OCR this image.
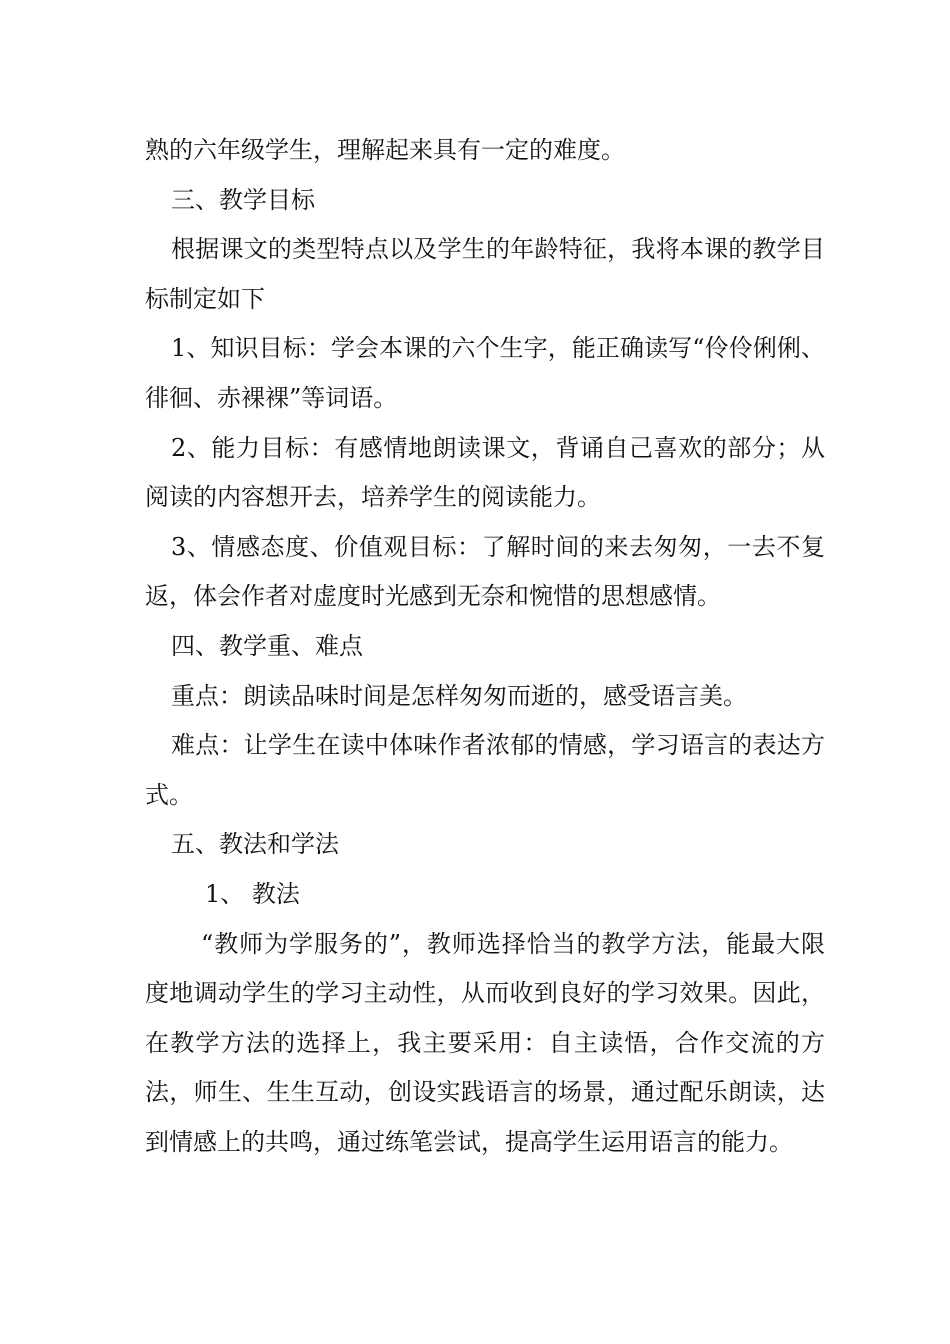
熟的六年级学生，理解起来具有一定的难度。

三、教学目标

根据课文的类型特点以及学生的年龄特征，我将本课的教学目标制定如下

1、知识目标：学会本课的六个生字，能正确读写“伶伶俐俐、徘徊、赤裸裸”等词语。

2、能力目标：有感情地朗读课文，背诵自己喜欢的部分；从阅读的内容想开去，培养学生的阅读能力。

3、情感态度、价值观目标：了解时间的来去匆匆，一去不复返，体会作者对虚度时光感到无奈和惋惜的思想感情。

四、教学重、难点

重点：朗读品味时间是怎样匆匆而逝的，感受语言美。

难点：让学生在读中体味作者浓郁的情感，学习语言的表达方式。

五、教法和学法

1、 教法

“教师为学服务的”，教师选择恰当的教学方法，能最大限度地调动学生的学习主动性，从而收到良好的学习效果。因此，在教学方法的选择上，我主要采用：自主读悟，合作交流的方法，师生、生生互动，创设实践语言的场景，通过配乐朗读，达到情感上的共鸣，通过练笔尝试，提高学生运用语言的能力。
